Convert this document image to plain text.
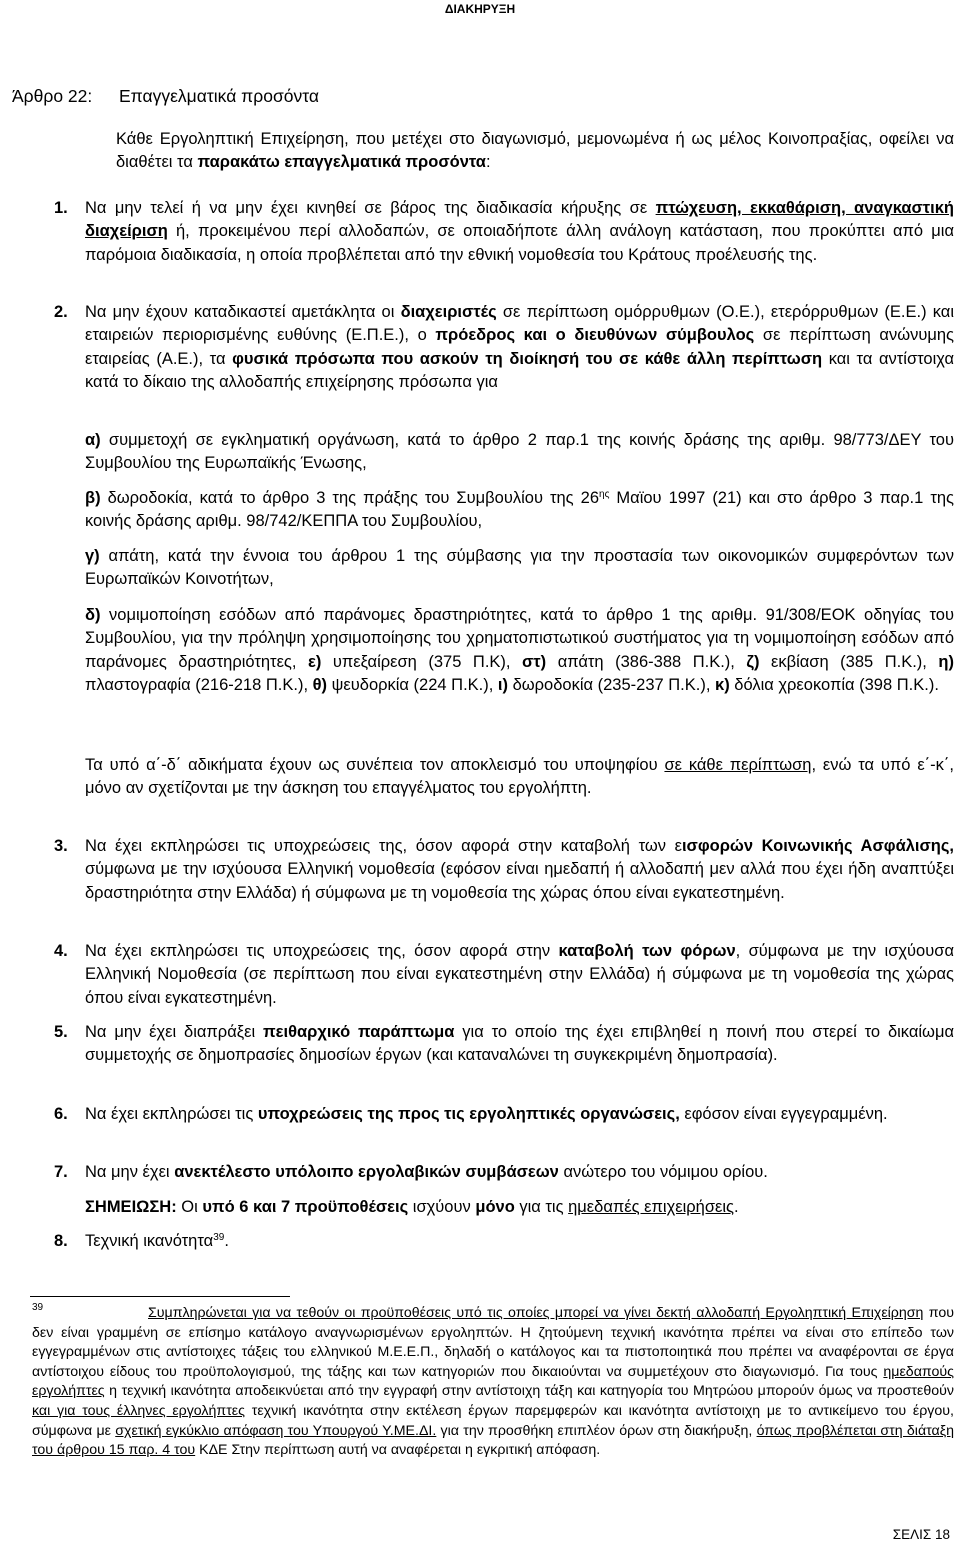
ΔΙΑΚΗΡΥΞΗ
Άρθρο 22: Επαγγελματικά προσόντα
Κάθε Εργοληπτική Επιχείρηση, που μετέχει στο διαγωνισμό, μεμονωμένα ή ως μέλος Κοινοπραξίας, οφείλει να διαθέτει τα παρακάτω επαγγελματικά προσόντα:
1. Να μην τελεί ή να μην έχει κινηθεί σε βάρος της διαδικασία κήρυξης σε πτώχευση, εκκαθάριση, αναγκαστική διαχείριση ή, προκειμένου περί αλλοδαπών, σε οποιαδήποτε άλλη ανάλογη κατάσταση, που προκύπτει από μια παρόμοια διαδικασία, η οποία προβλέπεται από την εθνική νομοθεσία του Κράτους προέλευσής της.
2. Να μην έχουν καταδικαστεί αμετάκλητα οι διαχειριστές σε περίπτωση ομόρρυθμων (Ο.Ε.), ετερόρρυθμων (Ε.Ε.) και εταιρειών περιορισμένης ευθύνης (Ε.Π.Ε.), ο πρόεδρος και ο διευθύνων σύμβουλος σε περίπτωση ανώνυμης εταιρείας (Α.Ε.), τα φυσικά πρόσωπα που ασκούν τη διοίκησή του σε κάθε άλλη περίπτωση και τα αντίστοιχα κατά το δίκαιο της αλλοδαπής επιχείρησης πρόσωπα για
α) συμμετοχή σε εγκληματική οργάνωση, κατά το άρθρο 2 παρ.1 της κοινής δράσης της αριθμ. 98/773/ΔΕΥ του Συμβουλίου της Ευρωπαϊκής Ένωσης,
β) δωροδοκία, κατά το άρθρο 3 της πράξης του Συμβουλίου της $26^{\eta\varsigma}$ Μαϊου 1997 (21) και στο άρθρο 3 παρ.1 της κοινής δράσης αριθμ. 98/742/ΚΕΠΠΑ του Συμβουλίου,
γ) απάτη, κατά την έννοια του άρθρου 1 της σύμβασης για την προστασία των οικονομικών συμφερόντων των Ευρωπαϊκών Κοινοτήτων,
δ) νομιμοποίηση εσόδων από παράνομες δραστηριότητες, κατά το άρθρο 1 της αριθμ. 91/308/ΕΟΚ οδηγίας του Συμβουλίου, για την πρόληψη χρησιμοποίησης του χρηματοπιστωτικού συστήματος για τη νομιμοποίηση εσόδων από παράνομες δραστηριότητες, ε) υπεξαίρεση (375 Π.Κ), στ) απάτη (386-388 Π.Κ.), ζ) εκβίαση (385 Π.Κ.), η) πλαστογραφία (216-218 Π.Κ.), θ) ψευδορκία (224 Π.Κ.), ι) δωροδοκία (235-237 Π.Κ.), κ) δόλια χρεοκοπία (398 Π.Κ.).
Τα υπό α΄-δ΄ αδικήματα έχουν ως συνέπεια τον αποκλεισμό του υποψηφίου σε κάθε περίπτωση, ενώ τα υπό ε΄-κ΄, μόνο αν σχετίζονται με την άσκηση του επαγγέλματος του εργολήπτη.
3. Να έχει εκπληρώσει τις υποχρεώσεις της, όσον αφορά στην καταβολή των εισφορών Κοινωνικής Ασφάλισης, σύμφωνα με την ισχύουσα Ελληνική νομοθεσία (εφόσον είναι ημεδαπή ή αλλοδαπή μεν αλλά που έχει ήδη αναπτύξει δραστηριότητα στην Ελλάδα) ή σύμφωνα με τη νομοθεσία της χώρας όπου είναι εγκατεστημένη.
4. Να έχει εκπληρώσει τις υποχρεώσεις της, όσον αφορά στην καταβολή των φόρων, σύμφωνα με την ισχύουσα Ελληνική Νομοθεσία (σε περίπτωση που είναι εγκατεστημένη στην Ελλάδα) ή σύμφωνα με τη νομοθεσία της χώρας όπου είναι εγκατεστημένη.
5. Να μην έχει διαπράξει πειθαρχικό παράπτωμα για το οποίο της έχει επιβληθεί η ποινή που στερεί το δικαίωμα συμμετοχής σε δημοπρασίες δημοσίων έργων (και καταναλώνει τη συγκεκριμένη δημοπρασία).
6. Να έχει εκπληρώσει τις υποχρεώσεις της προς τις εργοληπτικές οργανώσεις, εφόσον είναι εγγεγραμμένη.
7. Να μην έχει ανεκτέλεστο υπόλοιπο εργολαβικών συμβάσεων ανώτερο του νόμιμου ορίου.
ΣΗΜΕΙΩΣΗ: Οι υπό 6 και 7 προϋποθέσεις ισχύουν μόνο για τις ημεδαπές επιχειρήσεις.
8. Τεχνική ικανότητα$^{39}$.
39	Συμπληρώνεται για να τεθούν οι προϋποθέσεις υπό τις οποίες μπορεί να γίνει δεκτή αλλοδαπή Εργοληπτική Επιχείρηση που δεν είναι γραμμένη σε επίσημο κατάλογο αναγνωρισμένων εργοληπτών. Η ζητούμενη τεχνική ικανότητα πρέπει να είναι στο επίπεδο των εγγεγραμμένων στις αντίστοιχες τάξεις του ελληνικού Μ.Ε.Ε.Π., δηλαδή ο κατάλογος και τα πιστοποιητικά που πρέπει να αναφέρονται σε έργα αντίστοιχου είδους του προϋπολογισμού, της τάξης και των κατηγοριών που δικαιούνται να συμμετέχουν στο διαγωνισμό. Για τους ημεδαπούς εργολήπτες η τεχνική ικανότητα αποδεικνύεται από την εγγραφή στην αντίστοιχη τάξη και κατηγορία του Μητρώου μπορούν όμως να προστεθούν και για τους έλληνες εργολήπτες τεχνική ικανότητα στην εκτέλεση έργων παρεμφερών και ικανότητα αντίστοιχη με το αντικείμενο του έργου, σύμφωνα με σχετική εγκύκλιο απόφαση του Υπουργού Υ.ΜΕ.ΔΙ. για την προσθήκη επιπλέον όρων στη διακήρυξη, όπως προβλέπεται στη διάταξη του άρθρου 15 παρ. 4 του ΚΔΕ Στην περίπτωση αυτή να αναφέρεται η εγκριτική απόφαση.
ΣΕΛΙΣ 18
